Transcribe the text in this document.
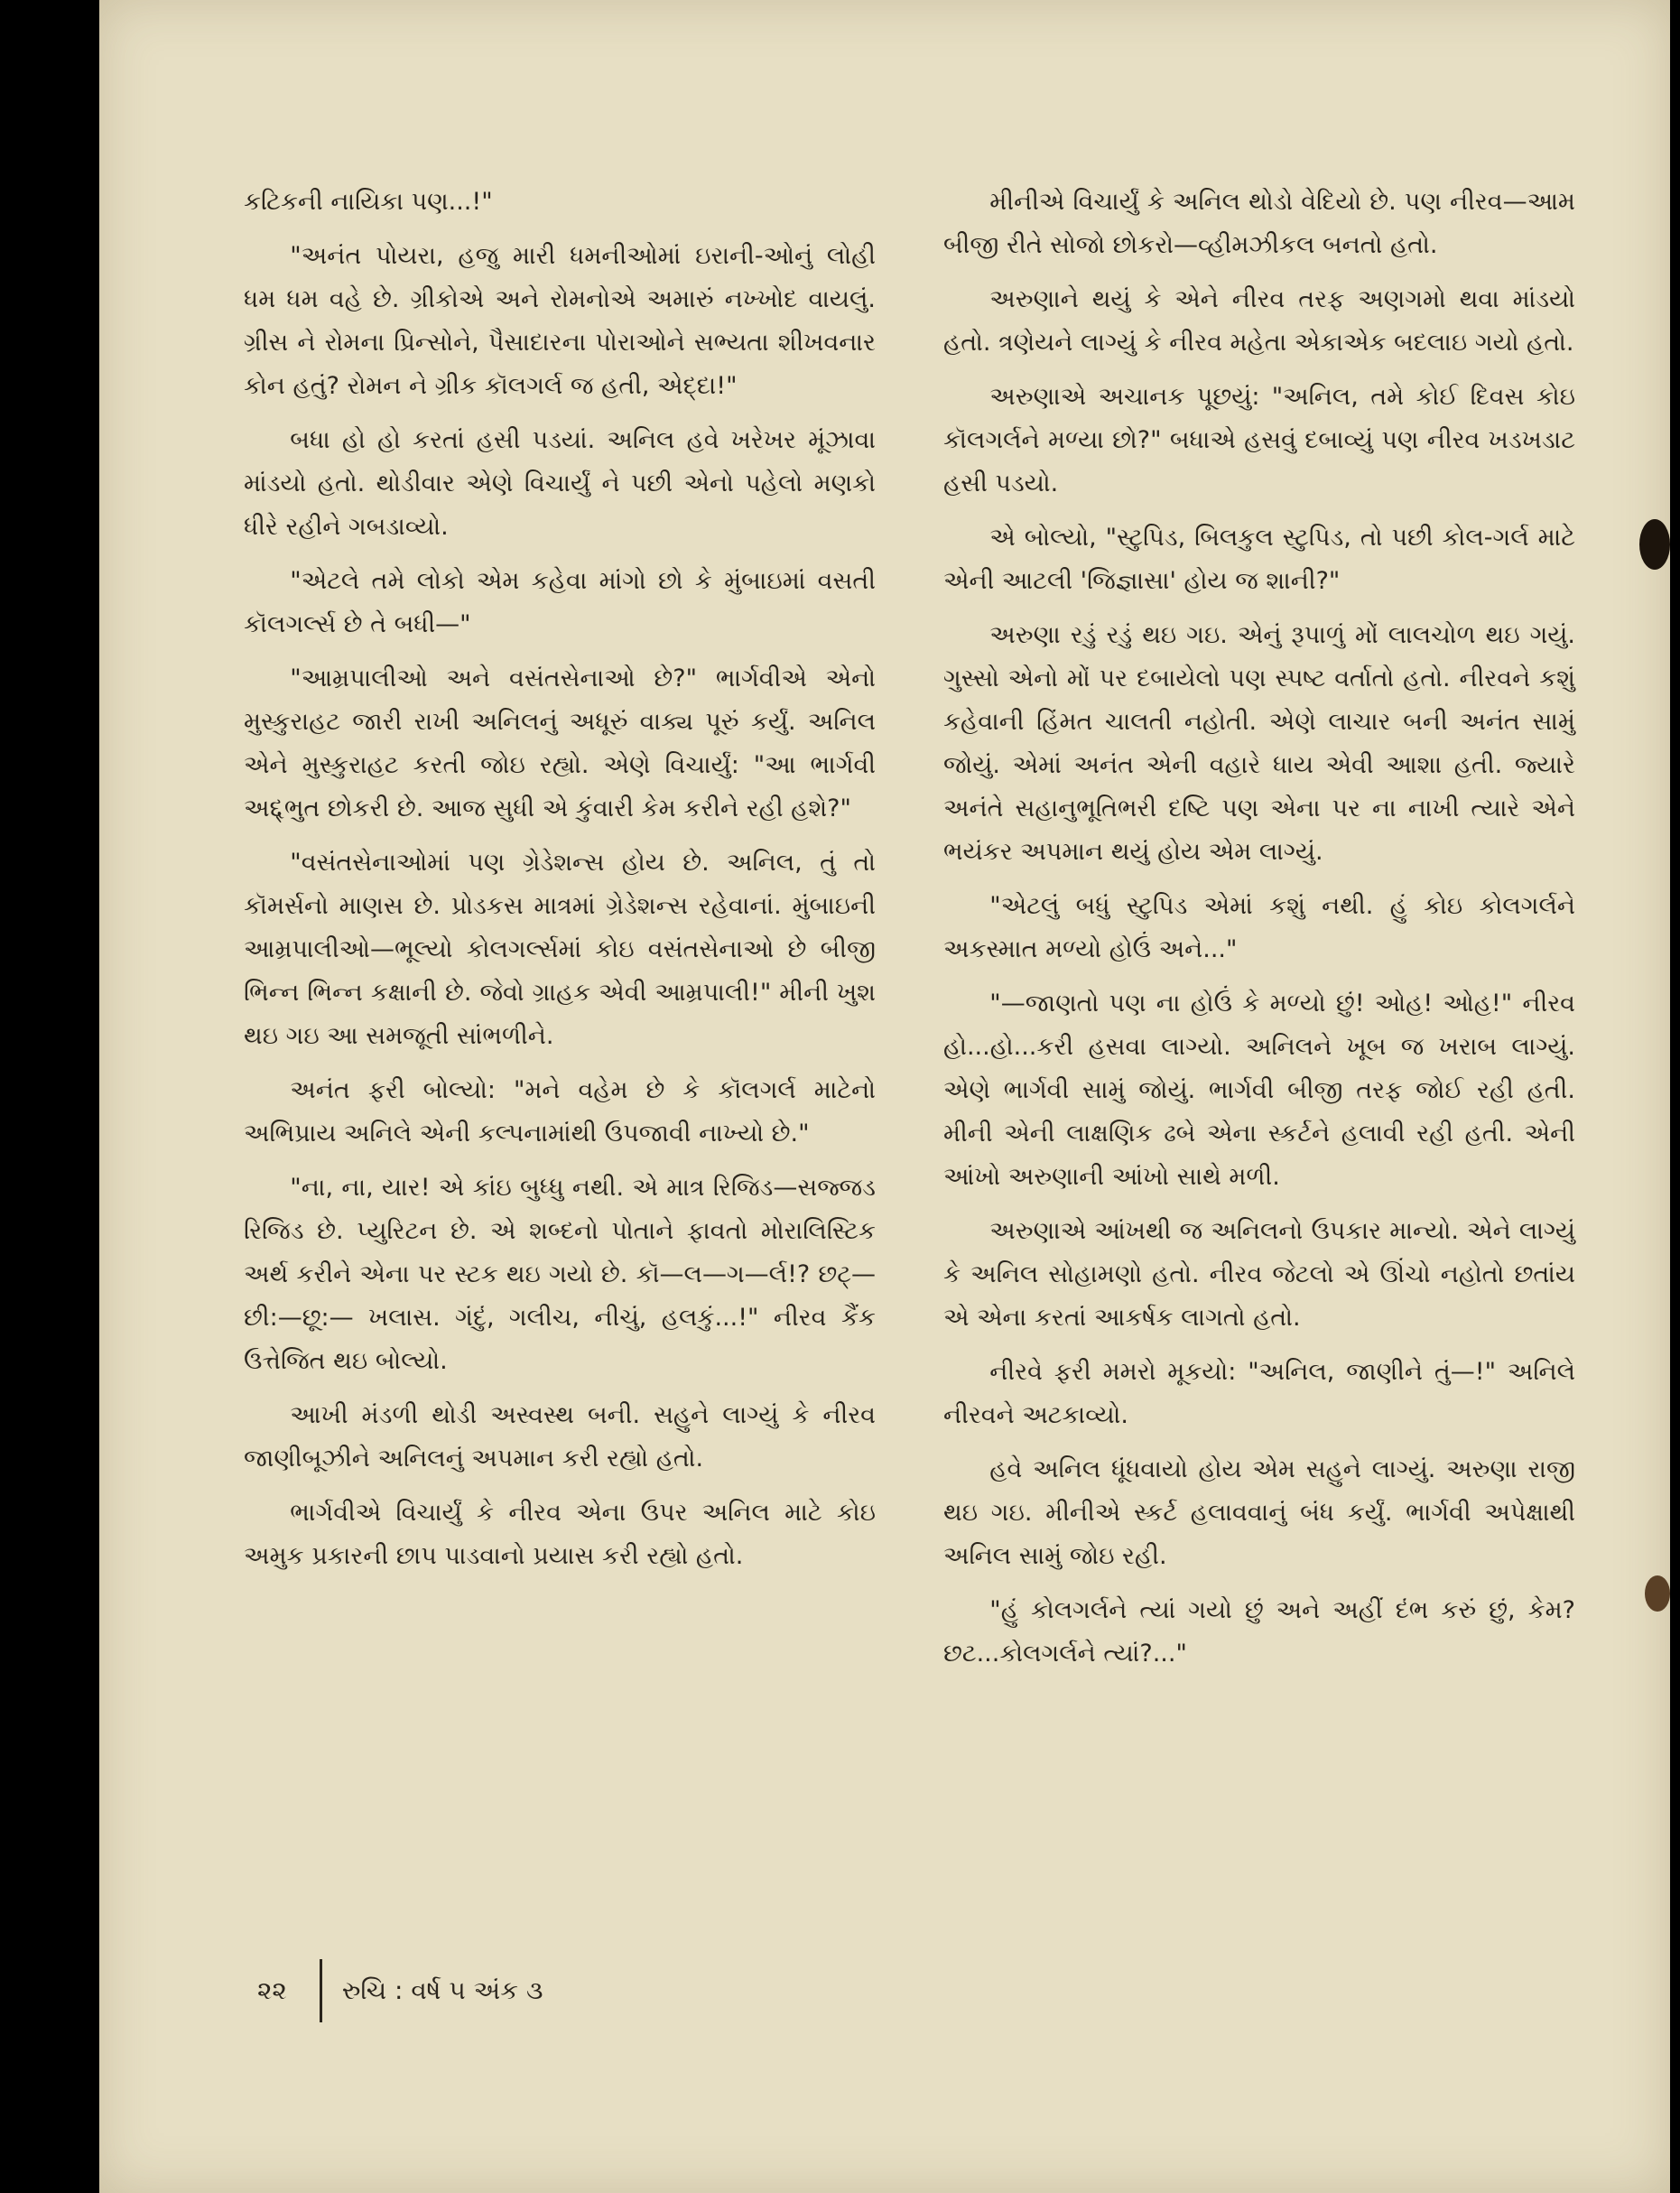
કટિકની નાયિકા પણ...!"

"અનંત પોયરા, હજુ મારી ધમનીઓમાં ઇરાની-ઓનું લોહી ધમ ધમ વહે છે. ગ્રીકોએ અને રોમનોએ અમારું નખ્ખોદ વાયલું. ગ્રીસ ને રોમના પ્રિન્સોને, પૈસાદારના પોરાઓને સભ્યતા શીખવનાર કોન હતું? રોમન ને ગ્રીક કૉલગર્લ જ હતી, એદ્દા!"

બધા હો હો કરતાં હસી પડયાં. અનિલ હવે ખરેખર મૂંઝાવા માંડયો હતો. થોડીવાર એણે વિચાર્યું ને પછી એનો પહેલો મણકો ધીરે રહીને ગબડાવ્યો.

"એટલે તમે લોકો એમ કહેવા માંગો છો કે મુંબાઇમાં વસતી કૉલગર્લ્સ છે તે બધી—"

"આમ્રપાલીઓ અને વસંતસેનાઓ છે?" ભાર્ગવીએ એનો મુસ્કુરાહટ જારી રાખી અનિલનું અધૂરું વાક્ય પૂરું કર્યું. અનિલ એને મુસ્કુરાહટ કરતી જોઇ રહ્યો. એણે વિચાર્યું: "આ ભાર્ગવી અદ્દ્ભુત છોકરી છે. આજ સુધી એ કુંવારી કેમ કરીને રહી હશે?"

"વસંતસેનાઓમાં પણ ગ્રેડેશન્સ હોય છે. અનિલ, તું તો કૉમર્સનો માણસ છે. પ્રોડકસ માત્રમાં ગ્રેડેશન્સ રહેવાનાં. મુંબાઇની આમ્રપાલીઓ—ભૂલ્યો કોલગર્લ્સમાં કોઇ વસંતસેનાઓ છે બીજી ભિન્ન ભિન્ન કક્ષાની છે. જેવો ગ્રાહક એવી આમ્રપાલી!" મીની ખુશ થઇ ગઇ આ સમજૂતી સાંભળીને.

અનંત ફરી બોલ્યો: "મને વહેમ છે કે કૉલગર્લ માટેનો અભિપ્રાય અનિલે એની કલ્પનામાંથી ઉપજાવી નાખ્યો છે."

"ના, ના, યાર! એ કાંઇ બુધ્ધુ નથી. એ માત્ર રિજિડ—સજ્જડ રિજિડ છે. પ્યુરિટન છે. એ શબ્દનો પોતાને ફાવતો મોરાલિસ્ટિક અર્થ કરીને એના પર સ્ટક થઇ ગયો છે. કૉ—લ—ગ—ર્લ!? છટ્—છી:—છૂ:— ખલાસ. ગંદું, ગલીચ, નીચું, હલકું...!" નીરવ કૈંક ઉત્તેજિત થઇ બોલ્યો.

આખી મંડળી થોડી અસ્વસ્થ બની. સહુને લાગ્યું કે નીરવ જાણીબૂઝીને અનિલનું અપમાન કરી રહ્યો હતો.

ભાર્ગવીએ વિચાર્યું કે નીરવ એના ઉપર અનિલ માટે કોઇ અમુક પ્રકારની છાપ પાડવાનો પ્રયાસ કરી રહ્યો હતો.

મીનીએ વિચાર્યું કે અનિલ થોડો વેદિયો છે. પણ નીરવ—આમ બીજી રીતે સોજો છોકરો—વ્હીમઝીકલ બનતો હતો.

અરુણાને થયું કે એને નીરવ તરફ અણગમો થવા માંડયો હતો. ત્રણેયને લાગ્યું કે નીરવ મહેતા એકાએક બદલાઇ ગયો હતો.

અરુણાએ અચાનક પૂછયું: "અનિલ, તમે કોઈ દિવસ કોઇ કૉલગર્લને મળ્યા છો?" બધાએ હસવું દબાવ્યું પણ નીરવ ખડખડાટ હસી પડયો.

એ બોલ્યો, "સ્ટુપિડ, બિલકુલ સ્ટુપિડ, તો પછી કોલ-ગર્લ માટે એની આટલી 'જિજ્ઞાસા' હોય જ શાની?"

અરુણા રડું રડું થઇ ગઇ. એનું રૂપાળું મોં લાલચોળ થઇ ગયું. ગુસ્સો એનો મોં પર દબાયેલો પણ સ્પષ્ટ વર્તાતો હતો. નીરવને કશું કહેવાની હિંમત ચાલતી નહોતી. એણે લાચાર બની અનંત સામું જોયું. એમાં અનંત એની વહારે ધાય એવી આશા હતી. જ્યારે અનંતે સહાનુભૂતિભરી દષ્ટિ પણ એના પર ના નાખી ત્યારે એને ભયંકર અપમાન થયું હોય એમ લાગ્યું.

"એટલું બધું સ્ટુપિડ એમાં કશું નથી. હું કોઇ કોલગર્લને અકસ્માત મળ્યો હોઉં અને..."

"—જાણતો પણ ના હોઉં કે મળ્યો છું! ઓહ! ઓહ!" નીરવ હો...હો...કરી હસવા લાગ્યો. અનિલને ખૂબ જ ખરાબ લાગ્યું. એણે ભાર્ગવી સામું જોયું. ભાર્ગવી બીજી તરફ જોઈ રહી હતી. મીની એની લાક્ષણિક ઢબે એના સ્કર્ટને હલાવી રહી હતી. એની આંખો અરુણાની આંખો સાથે મળી.

અરુણાએ આંખથી જ અનિલનો ઉપકાર માન્યો. એને લાગ્યું કે અનિલ સોહામણો હતો. નીરવ જેટલો એ ઊંચો નહોતો છતાંય એ એના કરતાં આકર્ષક લાગતો હતો.

નીરવે ફરી મમરો મૂકયો: "અનિલ, જાણીને તું—!" અનિલે નીરવને અટકાવ્યો.

હવે અનિલ ધૂંધવાયો હોય એમ સહુને લાગ્યું. અરુણા રાજી થઇ ગઇ. મીનીએ સ્કર્ટ હલાવવાનું બંધ કર્યું. ભાર્ગવી અપેક્ષાથી અનિલ સામું જોઇ રહી.

"હું કોલગર્લને ત્યાં ગયો છું અને અહીં દંભ કરું છું, કેમ? છટ...કોલગર્લને ત્યાં?..."

૨૨ રુચિ : વર્ષ ૫ અંક ૩
